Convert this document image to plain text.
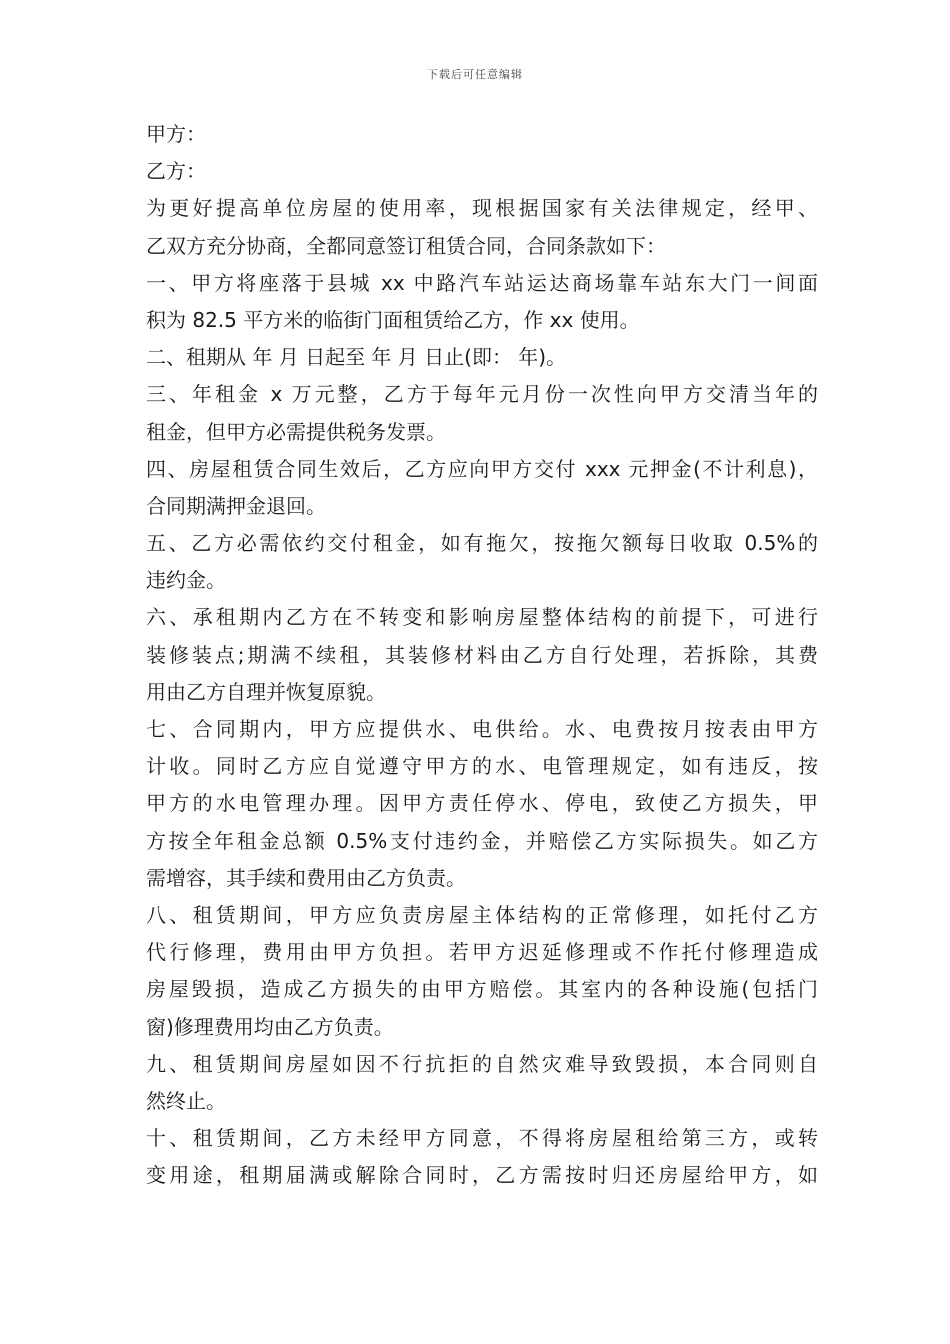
下载后可任意编辑
甲方：
乙方：
为更好提高单位房屋的使用率，现根据国家有关法律规定，经甲、
乙双方充分协商，全都同意签订租赁合同，合同条款如下：
一、甲方将座落于县城 xx 中路汽车站运达商场靠车站东大门一间面
积为 82.5 平方米的临街门面租赁给乙方，作 xx 使用。
二、租期从 年 月 日起至 年 月 日止(即： 年)。
三、年租金 x 万元整，乙方于每年元月份一次性向甲方交清当年的
租金，但甲方必需提供税务发票。
四、房屋租赁合同生效后，乙方应向甲方交付 xxx 元押金(不计利息)，
合同期满押金退回。
五、乙方必需依约交付租金，如有拖欠，按拖欠额每日收取 0.5%的
违约金。
六、承租期内乙方在不转变和影响房屋整体结构的前提下，可进行
装修装点;期满不续租，其装修材料由乙方自行处理，若拆除，其费
用由乙方自理并恢复原貌。
七、合同期内，甲方应提供水、电供给。水、电费按月按表由甲方
计收。同时乙方应自觉遵守甲方的水、电管理规定，如有违反，按
甲方的水电管理办理。因甲方责任停水、停电，致使乙方损失，甲
方按全年租金总额 0.5%支付违约金，并赔偿乙方实际损失。如乙方
需增容，其手续和费用由乙方负责。
八、租赁期间，甲方应负责房屋主体结构的正常修理，如托付乙方
代行修理，费用由甲方负担。若甲方迟延修理或不作托付修理造成
房屋毁损，造成乙方损失的由甲方赔偿。其室内的各种设施(包括门
窗)修理费用均由乙方负责。
九、租赁期间房屋如因不行抗拒的自然灾难导致毁损，本合同则自
然终止。
十、租赁期间，乙方未经甲方同意，不得将房屋租给第三方，或转
变用途，租期届满或解除合同时，乙方需按时归还房屋给甲方，如
